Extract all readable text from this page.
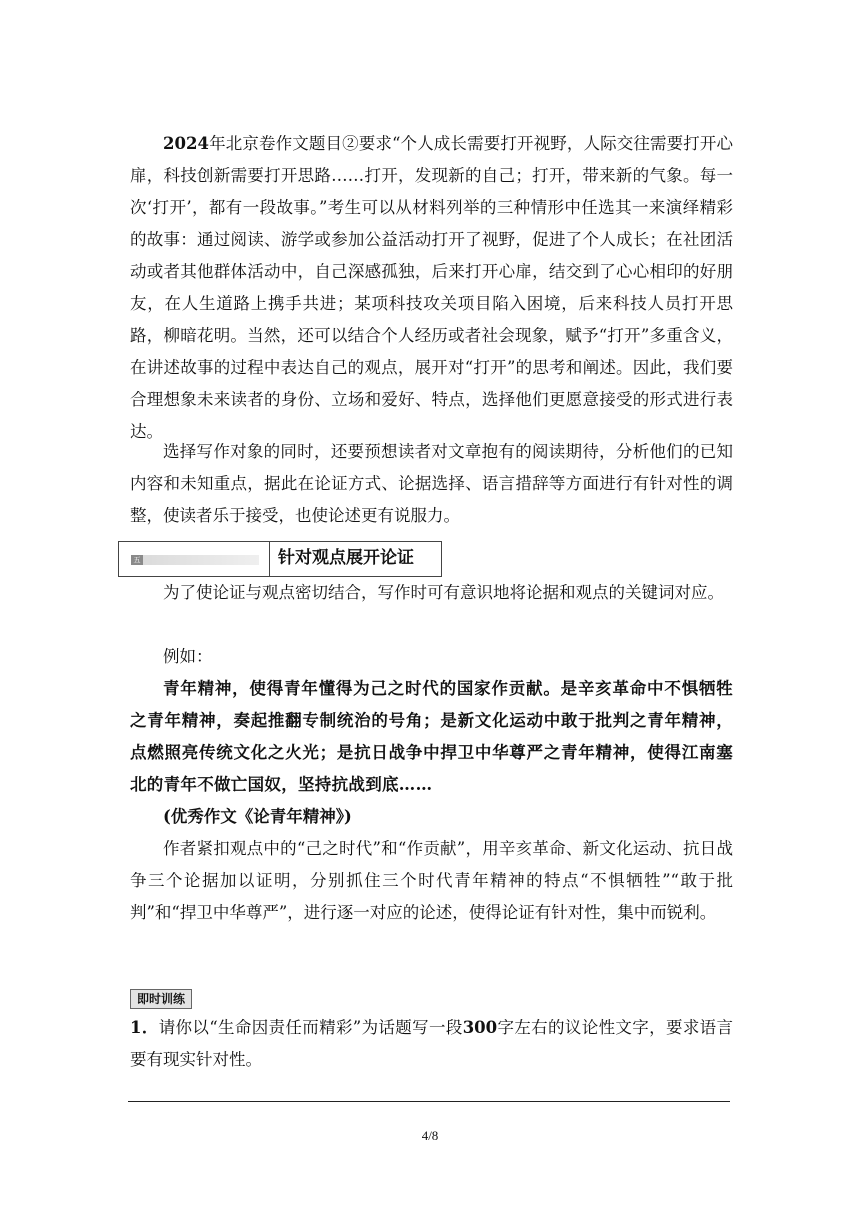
2024年北京卷作文题目②要求“个人成长需要打开视野，人际交往需要打开心扉，科技创新需要打开思路……打开，发现新的自己；打开，带来新的气象。每一次‘打开’，都有一段故事。”考生可以从材料列举的三种情形中任选其一来演绎精彩的故事：通过阅读、游学或参加公益活动打开了视野，促进了个人成长；在社团活动或者其他群体活动中，自己深感孤独，后来打开心扉，结交到了心心相印的好朋友，在人生道路上携手共进；某项科技攻关项目陷入困境，后来科技人员打开思路，柳暗花明。当然，还可以结合个人经历或者社会现象，赋予“打开”多重含义，在讲述故事的过程中表达自己的观点，展开对“打开”的思考和阐述。因此，我们要合理想象未来读者的身份、立场和爱好、特点，选择他们更愿意接受的形式进行表达。

选择写作对象的同时，还要预想读者对文章抱有的阅读期待，分析他们的已知内容和未知重点，据此在论证方式、论据选择、语言措辞等方面进行有针对性的调整，使读者乐于接受，也使论述更有说服力。

五	针对观点展开论证

为了使论证与观点密切结合，写作时可有意识地将论据和观点的关键词对应。

例如：

青年精神，使得青年懂得为己之时代的国家作贡献。是辛亥革命中不惧牺牲之青年精神，奏起推翻专制统治的号角；是新文化运动中敢于批判之青年精神，点燃照亮传统文化之火光；是抗日战争中捍卫中华尊严之青年精神，使得江南塞北的青年不做亡国奴，坚持抗战到底……

(优秀作文《论青年精神》)

作者紧扣观点中的“己之时代”和“作贡献”，用辛亥革命、新文化运动、抗日战争三个论据加以证明，分别抓住三个时代青年精神的特点“不惧牺牲”“敢于批判”和“捍卫中华尊严”，进行逐一对应的论述，使得论证有针对性，集中而锐利。

即时训练

1．请你以“生命因责任而精彩”为话题写一段300字左右的议论性文字，要求语言要有现实针对性。

4/8
